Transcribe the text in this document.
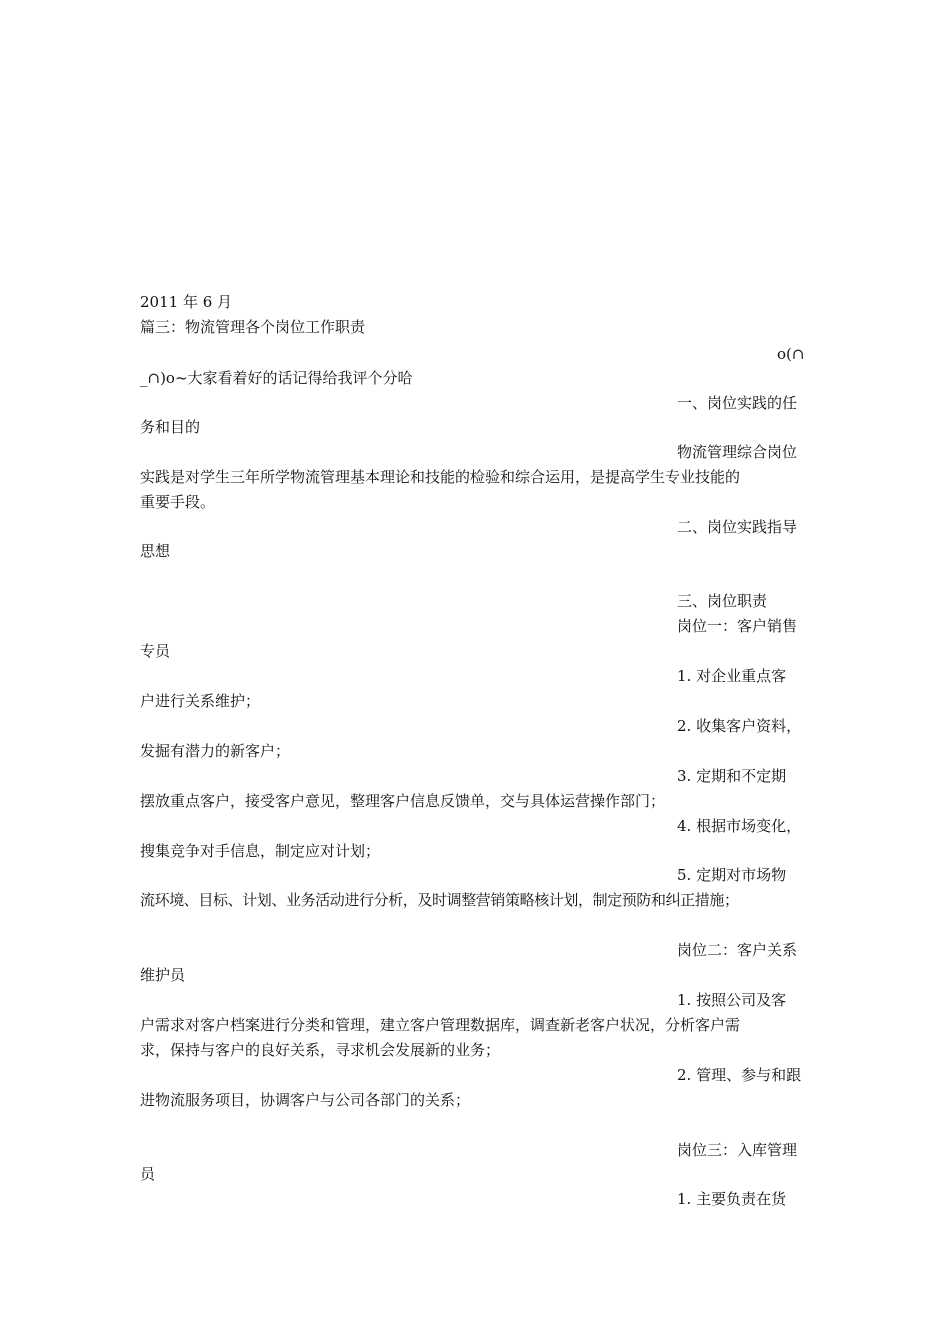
2011 年 6 月
篇三：物流管理各个岗位工作职责
o(∩
_∩)o~大家看着好的话记得给我评个分哈
一、岗位实践的任
务和目的
物流管理综合岗位
实践是对学生三年所学物流管理基本理论和技能的检验和综合运用，是提高学生专业技能的
重要手段。
二、岗位实践指导
思想
三、岗位职责
岗位一：客户销售
专员
1. 对企业重点客
户进行关系维护；
2. 收集客户资料，
发掘有潜力的新客户；
3. 定期和不定期
摆放重点客户，接受客户意见，整理客户信息反馈单，交与具体运营操作部门；
4. 根据市场变化，
搜集竞争对手信息，制定应对计划；
5. 定期对市场物
流环境、目标、计划、业务活动进行分析，及时调整营销策略核计划，制定预防和纠正措施；
岗位二：客户关系
维护员
1. 按照公司及客
户需求对客户档案进行分类和管理，建立客户管理数据库，调查新老客户状况，分析客户需
求，保持与客户的良好关系，寻求机会发展新的业务；
2. 管理、参与和跟
进物流服务项目，协调客户与公司各部门的关系；
岗位三：入库管理
员
1. 主要负责在货
